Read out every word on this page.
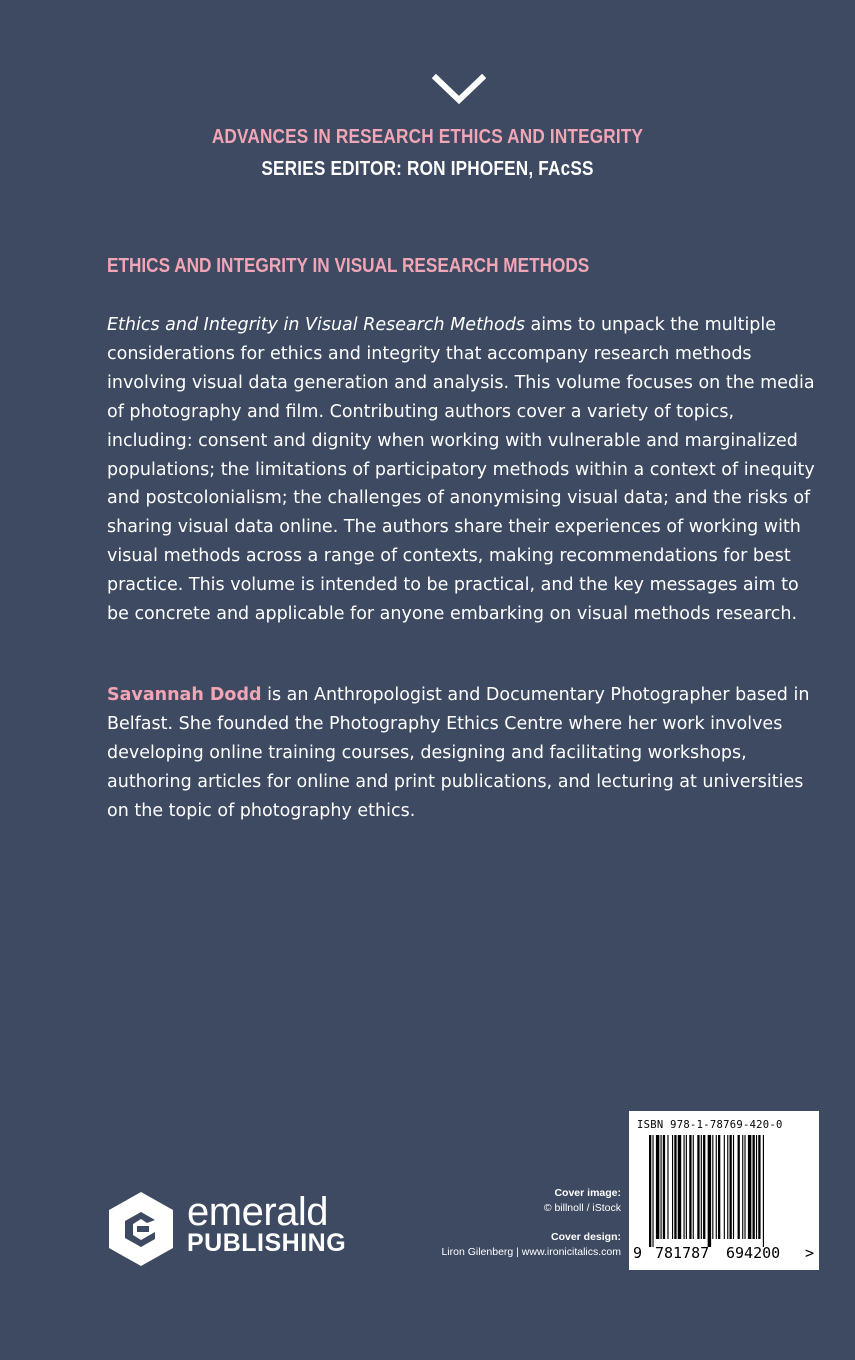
ADVANCES IN RESEARCH ETHICS AND INTEGRITY
SERIES EDITOR: RON IPHOFEN, FAcSS
ETHICS AND INTEGRITY IN VISUAL RESEARCH METHODS

Ethics and Integrity in Visual Research Methods aims to unpack the multiple considerations for ethics and integrity that accompany research methods involving visual data generation and analysis. This volume focuses on the media of photography and film. Contributing authors cover a variety of topics, including: consent and dignity when working with vulnerable and marginalized populations; the limitations of participatory methods within a context of inequity and postcolonialism; the challenges of anonymising visual data; and the risks of sharing visual data online. The authors share their experiences of working with visual methods across a range of contexts, making recommendations for best practice. This volume is intended to be practical, and the key messages aim to be concrete and applicable for anyone embarking on visual methods research.

Savannah Dodd is an Anthropologist and Documentary Photographer based in Belfast. She founded the Photography Ethics Centre where her work involves developing online training courses, designing and facilitating workshops, authoring articles for online and print publications, and lecturing at universities on the topic of photography ethics.

emerald
PUBLISHING
Cover image:
© billnoll / iStock
Cover design:
Liron Gilenberg | www.ironicitalics.com
ISBN 978-1-78769-420-0
9 781787 694200 >
